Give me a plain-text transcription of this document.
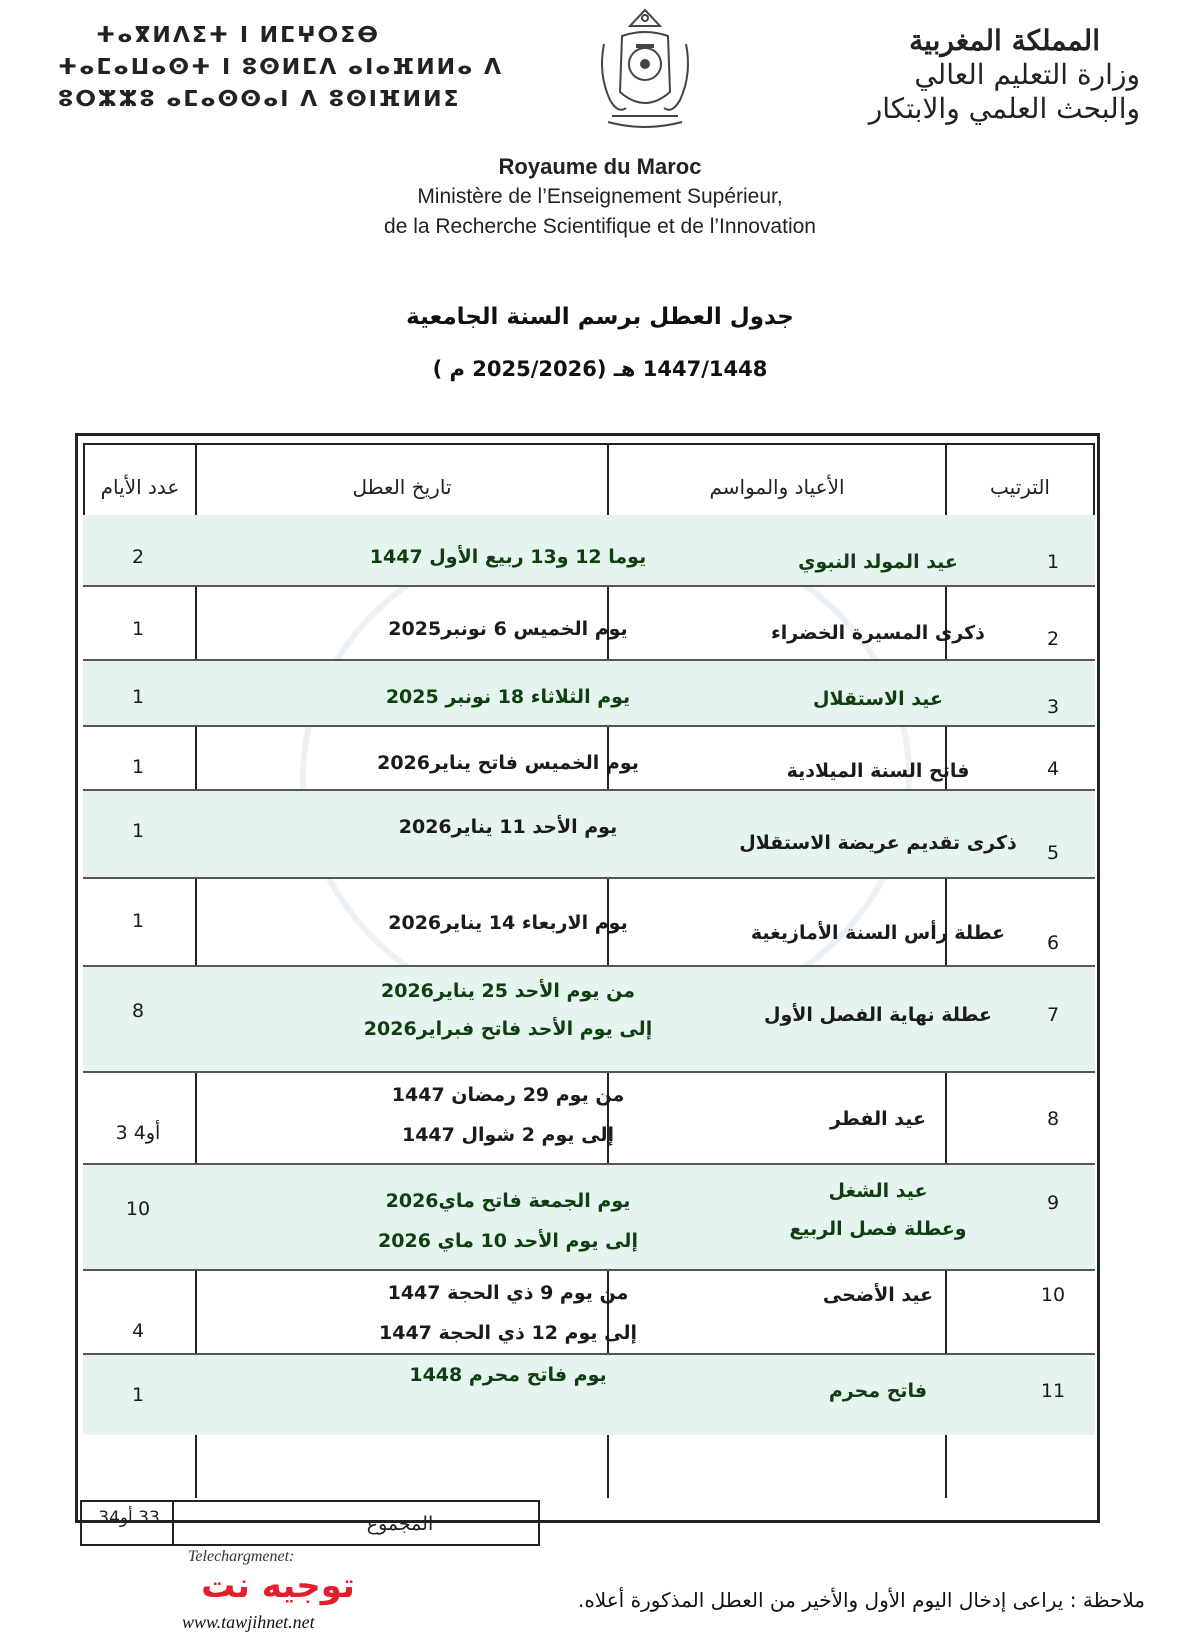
ⵜⴰⴳⵍⴷⵉⵜ ⵏ ⵍⵎⵖⵔⵉⴱ
ⵜⴰⵎⴰⵡⴰⵙⵜ ⵏ ⵓⵙⵍⵎⴷ ⴰⵏⴰⴼⵍⵍⴰ ⴷ
ⵓⵔⵣⵣⵓ ⴰⵎⴰⵙⵙⴰⵏ ⴷ ⵓⵙⵏⴼⵍⵍⵉ
المملكة المغربية
وزارة التعليم العالي
والبحث العلمي والابتكار
Royaume du Maroc
Ministère de l’Enseignement Supérieur,
de la Recherche Scientifique et de l’Innovation
جدول العطل برسم السنة الجامعية
1447/1448 هـ (2025/2026 م )
الترتيب
الأعياد والمواسم
تاريخ العطل
عدد الأيام
1
عيد المولد النبوي
يوما 12 و13 ربيع الأول 1447
2
2
ذكرى المسيرة الخضراء
يوم الخميس 6 نونبر2025
1
3
عيد الاستقلال
يوم الثلاثاء 18 نونبر 2025
1
4
فاتح السنة الميلادية
يوم الخميس فاتح يناير2026
1
5
ذكرى تقديم عريضة الاستقلال
يوم الأحد 11 يناير2026
1
6
عطلة رأس السنة الأمازيغية
يوم الاربعاء 14 يناير2026
1
7
عطلة نهاية الفصل الأول
من يوم الأحد 25 يناير2026
إلى يوم الأحد فاتح فبراير2026
8
8
عيد الفطر
من يوم 29 رمضان 1447
إلى يوم 2 شوال 1447
3 أو4
9
عيد الشغل
وعطلة فصل الربيع
يوم الجمعة فاتح ماي2026
إلى يوم الأحد 10 ماي 2026
10
10
عيد الأضحى
من يوم 9 ذي الحجة 1447
إلى يوم 12 ذي الحجة 1447
4
11
فاتح محرم
يوم فاتح محرم 1448
1
33 أو34	المجموع
Telechargmenet:
توجيه نت
www.tawjihnet.net
ملاحظة : يراعى إدخال اليوم الأول والأخير من العطل المذكورة أعلاه.
